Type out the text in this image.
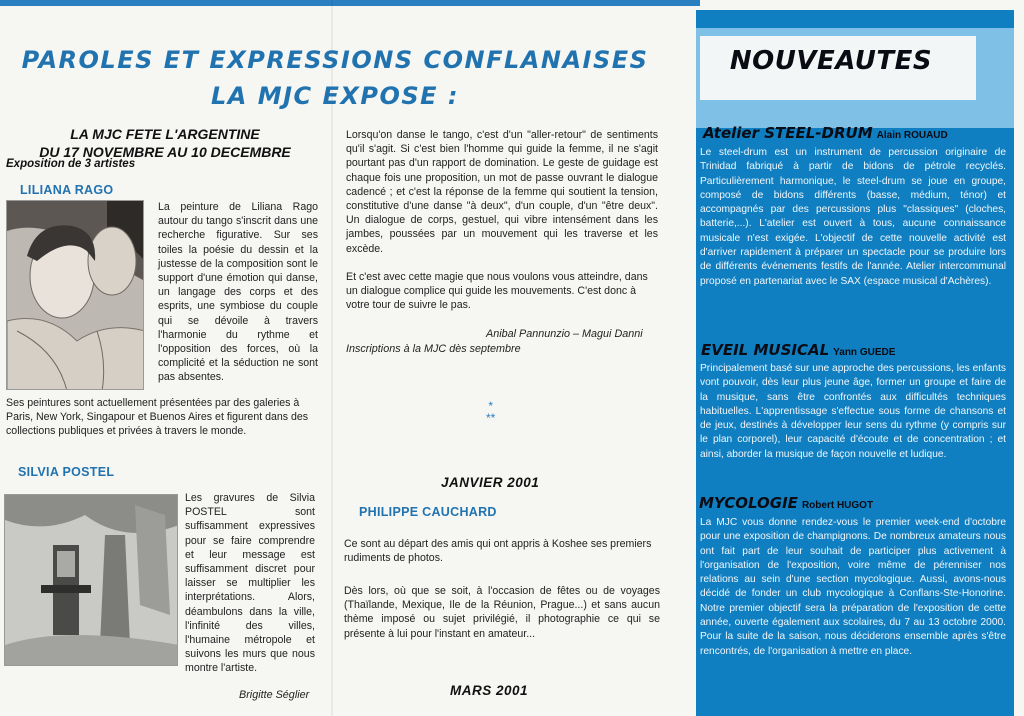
PAROLES ET EXPRESSIONS CONFLANAISES
LA MJC EXPOSE :
LA MJC FETE L'ARGENTINE
DU 17 NOVEMBRE AU 10 DECEMBRE
Exposition de 3 artistes
LILIANA RAGO
La peinture de Liliana Rago autour du tango s'inscrit dans une recherche figurative. Sur ses toiles la poésie du dessin et la justesse de la composition sont le support d'une émotion qui danse, un langage des corps et des esprits, une symbiose du couple qui se dévoile à travers l'harmonie du rythme et l'opposition des forces, où la complicité et la séduction ne sont pas absentes.
Ses peintures sont actuellement présentées par des galeries à Paris, New York, Singapour et Buenos Aires et figurent dans des collections publiques et privées à travers le monde.
SILVIA POSTEL
Les gravures de Silvia POSTEL sont suffisamment expressives pour se faire comprendre et leur message est suffisamment discret pour laisser se multiplier les interprétations. Alors, déambulons dans la ville, l'infinité des villes, l'humaine métropole et suivons les murs que nous montre l'artiste.
Brigitte Séglier
Lorsqu'on danse le tango, c'est d'un "aller-retour" de sentiments qu'il s'agit. Si c'est bien l'homme qui guide la femme, il ne s'agit pourtant pas d'un rapport de domination. Le geste de guidage est chaque fois une proposition, un mot de passe ouvrant le dialogue cadencé ; et c'est la réponse de la femme qui soutient la tension, constitutive d'une danse "à deux", d'un couple, d'un "être deux". Un dialogue de corps, gestuel, qui vibre intensément dans les jambes, poussées par un mouvement qui les traverse et les excède.
Et c'est avec cette magie que nous voulons vous atteindre, dans un dialogue complice qui guide les mouvements. C'est donc à votre tour de suivre le pas.
Anibal Pannunzio – Magui Danni
Inscriptions à la MJC dès septembre
*
**
JANVIER 2001
PHILIPPE CAUCHARD
Ce sont au départ des amis qui ont appris à Koshee ses premiers rudiments de photos.
Dès lors, où que se soit, à l'occasion de fêtes ou de voyages (Thaïlande, Mexique, Ile de la Réunion, Prague...) et sans aucun thème imposé ou sujet privilégié, il photographie ce qui se présente à lui pour l'instant en amateur...
MARS 2001
NOUVEAUTES
Atelier STEEL-DRUM Alain ROUAUD
Le steel-drum est un instrument de percussion originaire de Trinidad fabriqué à partir de bidons de pétrole recyclés. Particulièrement harmonique, le steel-drum se joue en groupe, composé de bidons différents (basse, médium, ténor) et accompagnés par des percussions plus "classiques" (cloches, batterie,...). L'atelier est ouvert à tous, aucune connaissance musicale n'est exigée. L'objectif de cette nouvelle activité est d'arriver rapidement à préparer un spectacle pour se produire lors de différents événements festifs de l'année. Atelier intercommunal proposé en partenariat avec le SAX (espace musical d'Achères).
EVEIL MUSICAL Yann GUEDE
Principalement basé sur une approche des percussions, les enfants vont pouvoir, dès leur plus jeune âge, former un groupe et faire de la musique, sans être confrontés aux difficultés techniques habituelles. L'apprentissage s'effectue sous forme de chansons et de jeux, destinés à développer leur sens du rythme (y compris sur le plan corporel), leur capacité d'écoute et de concentration ; et ainsi, aborder la musique de façon nouvelle et ludique.
MYCOLOGIE Robert HUGOT
La MJC vous donne rendez-vous le premier week-end d'octobre pour une exposition de champignons. De nombreux amateurs nous ont fait part de leur souhait de participer plus activement à l'organisation de l'exposition, voire même de pérenniser nos relations au sein d'une section mycologique. Aussi, avons-nous décidé de fonder un club mycologique à Conflans-Ste-Honorine. Notre premier objectif sera la préparation de l'exposition de cette année, ouverte également aux scolaires, du 7 au 13 octobre 2000. Pour la suite de la saison, nous déciderons ensemble après s'être rencontrés, de l'organisation à mettre en place.
